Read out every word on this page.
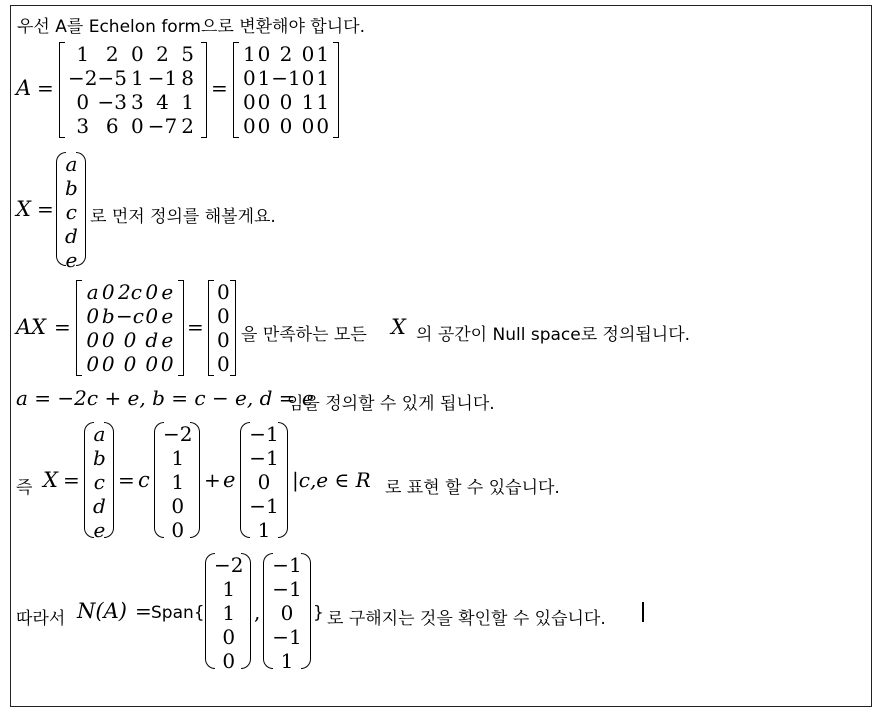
우선 A를 Echelon form으로 변환해야 합니다.
A =
1 2 0 2 5
−2 −5 1 −1 8
0 −3 3 4 1
3 6 0 −7 2
=
1 0 2 0 1
0 1 −1 0 1
0 0 0 1 1
0 0 0 0 0
X =
a
b
c
d
e
로 먼저 정의를 해볼게요.
AX =
a 0 2c 0 e
0 b −c 0 e
0 0 0 d e
0 0 0 0 0
=
0
0
0
0
을 만족하는 모든 X 의 공간이 Null space로 정의됩니다.
a = −2c + e, b = c − e, d = e
임을 정의할 수 있게 됩니다.
즉 X =
a
b
c
d
e
= c
−2
1
1
0
0
+ e
−1
−1
0
−1
1
|c,e ∈ R 로 표현 할 수 있습니다.
따라서 N(A) = Span{
−2
1
1
0
0
,
−1
−1
0
−1
1
} 로 구해지는 것을 확인할 수 있습니다.
